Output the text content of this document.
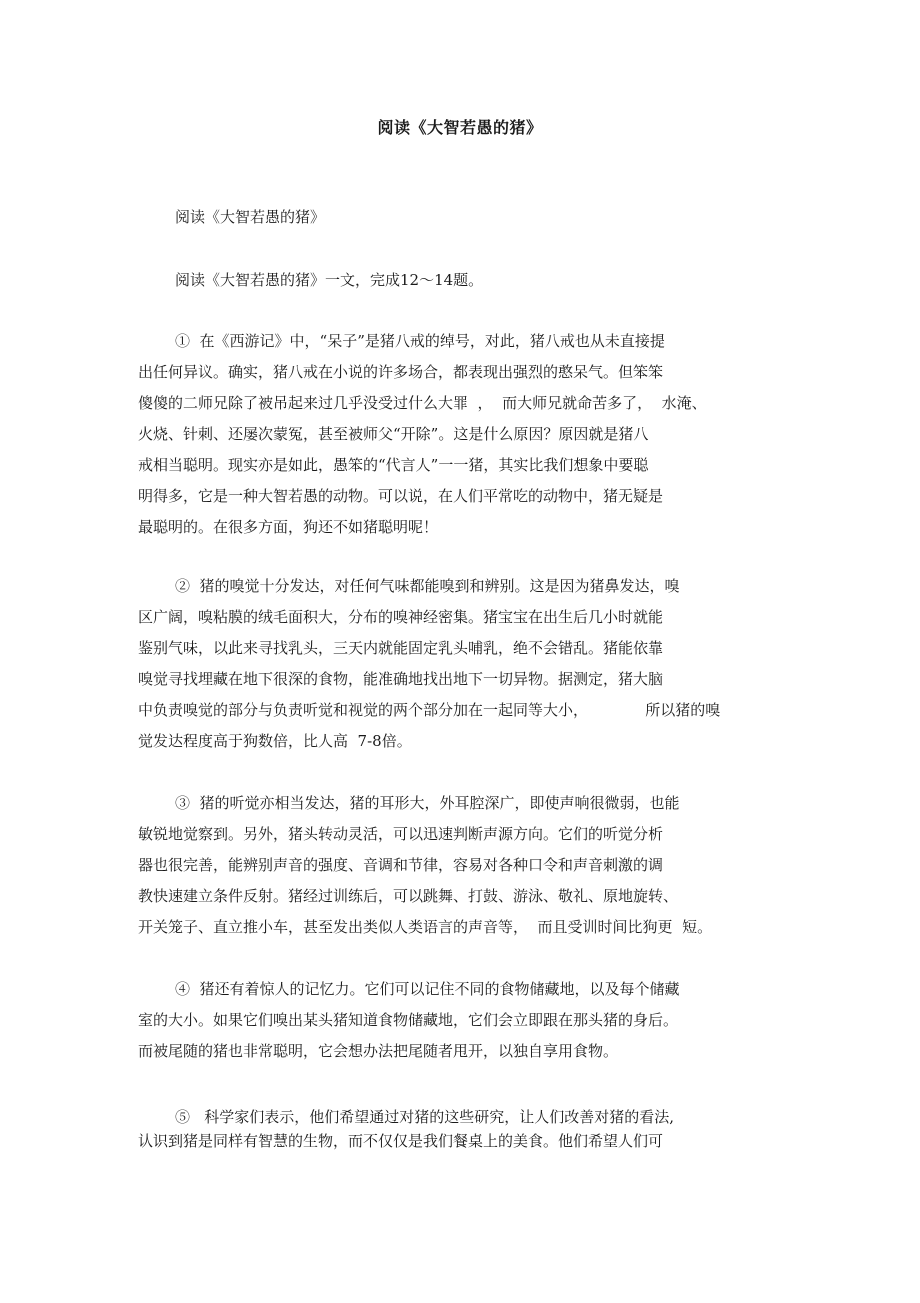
阅读《大智若愚的猪》

阅读《大智若愚的猪》

阅读《大智若愚的猪》一文，完成12～14题。

①  在《西游记》中，“呆子”是猪八戒的绰号，对此，猪八戒也从未直接提
出任何异议。确实，猪八戒在小说的许多场合，都表现出强烈的憨呆气。但笨笨
傻傻的二师兄除了被吊起来过几乎没受过什么大罪  ，  而大师兄就命苦多了，  水淹、
火烧、针刺、还屡次蒙冤，甚至被师父“开除”。这是什么原因？原因就是猪八
戒相当聪明。现实亦是如此，愚笨的“代言人”一一猪，其实比我们想象中要聪
明得多，它是一种大智若愚的动物。可以说，在人们平常吃的动物中，猪无疑是
最聪明的。在很多方面，狗还不如猪聪明呢！
②  猪的嗅觉十分发达，对任何气味都能嗅到和辨别。这是因为猪鼻发达，嗅
区广阔，嗅粘膜的绒毛面积大，分布的嗅神经密集。猪宝宝在出生后几小时就能
鉴别气味，以此来寻找乳头，三天内就能固定乳头哺乳，绝不会错乱。猪能依靠
嗅觉寻找埋藏在地下很深的食物，能准确地找出地下一切异物。据测定，猪大脑
中负责嗅觉的部分与负责听觉和视觉的两个部分加在一起同等大小，            所以猪的嗅
觉发达程度高于狗数倍，比人高  7-8倍。
③  猪的听觉亦相当发达，猪的耳形大，外耳腔深广，即使声响很微弱，也能
敏锐地觉察到。另外，猪头转动灵活，可以迅速判断声源方向。它们的听觉分析
器也很完善，能辨别声音的强度、音调和节律，容易对各种口令和声音刺激的调
教快速建立条件反射。猪经过训练后，可以跳舞、打鼓、游泳、敬礼、原地旋转、
开关笼子、直立推小车，甚至发出类似人类语言的声音等，  而且受训时间比狗更  短。
④  猪还有着惊人的记忆力。它们可以记住不同的食物储藏地，以及每个储藏
室的大小。如果它们嗅出某头猪知道食物储藏地，它们会立即跟在那头猪的身后。
而被尾随的猪也非常聪明，它会想办法把尾随者甩开，以独自享用食物。
⑤   科学家们表示，他们希望通过对猪的这些研究，让人们改善对猪的看法,
认识到猪是同样有智慧的生物，而不仅仅是我们餐桌上的美食。他们希望人们可
